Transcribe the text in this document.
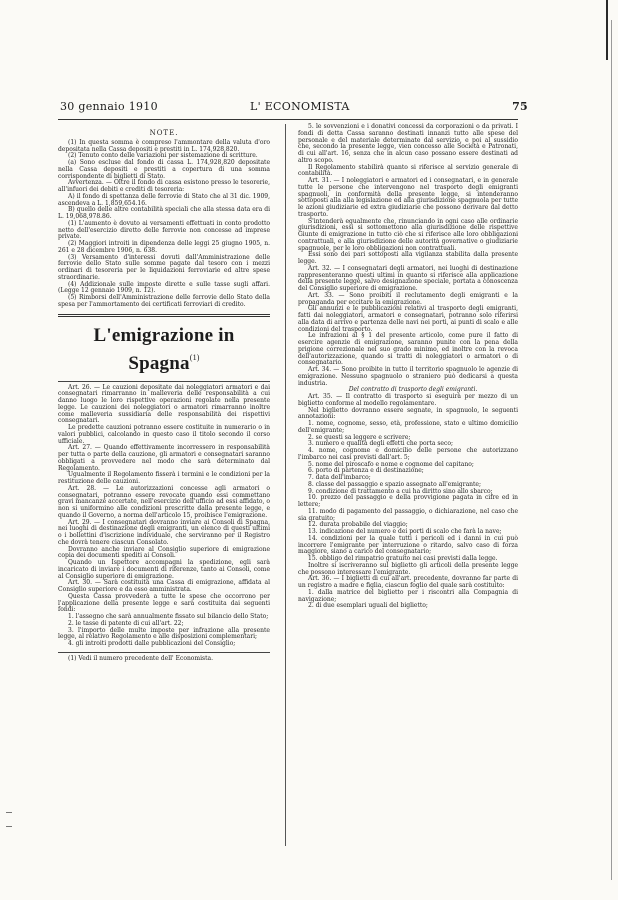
30 gennaio 1910	L' ECONOMISTA	75
NOTE.

(1) In questa somma è compreso l'ammontare della valuta d'oro depositata nella Cassa depositi e prestiti in L. 174,928,820.

(2) Tenuto conto delle variazioni per sistemazione di scritture.

(a) Sono escluse dal fondo di cassa L. 174,928,820 depositate nella Cassa depositi e prestiti a copertura di una somma corrispondente di biglietti di Stato.

Avvertenza. — Oltre il fondo di cassa esistono presso le tesorerie, all'infuori dei debiti e crediti di tesoreria:

A) il fondo di spettanza delle ferrovie di Stato che al 31 dic. 1909, ascendeva a L. 1,859,654.16.

B) quello delle altre contabilità speciali che alla stessa data era di L. 19,068,978.86.

(1) L'aumento è dovuto ai versamenti effettuati in conto prodotto netto dell'esercizio diretto delle ferrovie non concesse ad imprese private.

(2) Maggiori introiti in dipendenza delle leggi 25 giugno 1905, n. 261 e 28 dicembre 1906, n. 638.

(3) Versamento d'interessi dovuti dall'Amministrazione delle ferrovie dello Stato sulle somme pagate dal tesoro con i mezzi ordinari di tesoreria per le liquidazioni ferroviarie ed altre spese straordinarie.

(4) Addizionale sulle imposte dirette e sulle tasse sugli affari. (Legge 12 gennaio 1909, n. 12).

(5) Rimborsi dell'Amministrazione delle ferrovie dello Stato della spesa per l'ammortamento dei certificati ferroviari di credito.

L'emigrazione in Spagna$^{(1)}$

Art. 26. — Le cauzioni depositate dai noleggiatori armatori e dai consegnatari rimarranno in malleveria delle responsabilità a cui danno luogo le loro rispettive operazioni regolate nella presente legge. Le cauzioni dei noleggiatori o armatori rimarranno inoltre come malleveria sussidiaria delle responsabilità dei rispettivi consegnatari.

Le predette cauzioni potranno essere costituite in numerario o in valori pubblici, calcolando in questo caso il titolo secondo il corso ufficiale.

Art. 27. — Quando effettivamente incorressero in responsabilità per tutta o parte della cauzione, gli armatori e consegnatari saranno obbligati a provvedere nel modo che sarà determinato dal Regolamento.

Ugualmente il Regolamento fisserà i termini e le condizioni per la restituzione delle cauzioni.

Art. 28. — Le autorizzazioni concesse agli armatori o consegnatari, potranno essere revocate quando essi commettano gravi mancanze accertate, nell'esercizio dell'ufficio ad essi affidato, o non si uniformino alle condizioni prescritte dalla presente legge, e quando il Governo, a norma dell'articolo 15, proibisce l'emigrazione.

Art. 29. — I consegnatari dovranno inviare ai Consoli di Spagna, nei luoghi di destinazione degli emigranti, un elenco di questi ultimi o i bollettini d'iscrizione individuale, che serviranno per il Registro che dovrà tenere ciascun Consolato.

Dovranno anche inviare al Consiglio superiore di emigrazione copia dei documenti spediti ai Consoli.

Quando un Ispettore accompagni la spedizione, egli sarà incaricato di inviare i documenti di riferenze, tanto ai Consoli, come al Consiglio superiore di emigrazione.

Art. 30. — Sarà costituita una Cassa di emigrazione, affidata al Consiglio superiore e da esso amministrata.

Questa Cassa provvederà a tutte le spese che occorrono per l'applicazione della presente legge e sarà costituita dai seguenti fondi:

1. l'assegno che sarà annualmente fissato sul bilancio dello Stato;

2. le tasse di patente di cui all'art. 22;

3. l'importo delle multe imposte per infrazione alla presente legge, al relativo Regolamento e alle disposizioni complementari;

4. gli introiti prodotti dalle pubblicazioni del Consiglio;

(1) Vedi il numero precedente dell' Economista.

5. le sovvenzioni e i donativi concessi da corporazioni o da privati. I fondi di detta Cassa saranno destinati innanzi tutto alle spese del personale e del materiale determinate dal servizio, e poi al sussidio che, secondo la presente legge, vien concesso alle Società e Patronati, di cui all'art. 16, senza che in alcun caso possano essere destinati ad altro scopo.

Il Regolamento stabilirà quanto si riferisce al servizio generale di contabilità.

Art. 31. — I noleggiatori e armatori ed i consegnatari, e in generale tutte le persone che intervengono nel trasporto degli emigranti spagnuoli, in conformità della presente legge, si intenderanno sottoposti alla alla legislazione ed alla giurisdizione spagnuola per tutte le azioni giudiziarie ed extra giudiziarie che possono derivare dal detto trasporto.

S'intenderà egualmente che, rinunciando in ogni caso alle ordinarie giurisdizioni, essi si sottomettono alla giurisdizione delle rispettive Giunte di emigrazione in tutto ciò che si riferisce alle loro obbligazioni contrattuali, e alla giurisdizione delle autorità governative o giudiziarie spagnuole, per le loro obbligazioni non contrattuali.

Essi sono dei pari sottoposti alla vigilanza stabilita dalla presente legge.

Art. 32. — I consegnatari degli armatori, nei luoghi di destinazione rappresenteranno questi ultimi in quanto si riferisce alla applicazione della presente legge, salvo designazione speciale, portata a conoscenza del Consiglio superiore di emigrazione.

Art. 33. — Sono proibiti il reclutamento degli emigranti e la propaganda per eccitare la emigrazione.

Gli annunzi e le pubblicazioni relativi al trasporto degli emigranti, fatti dai noleggiatori, armatori e consegnatari, potranno solo riferirsi alla data di arrivo e partenza delle navi nei porti, ai punti di scalo e alle condizioni del trasporto.

Le infrazioni al § 1 del presente articolo, come pure il fatto di esercire agenzie di emigrazione, saranno punite con la pena della prigione correzionale nel suo grado minimo, ed inoltre con la revoca dell'autorizzazione, quando si tratti di noleggiatori o armatori o di consegnatario.

Art. 34. — Sono proibite in tutto il territorio spagnuolo le agenzie di emigrazione. Nessuno spagnuolo o straniero può dedicarsi a questa industria.

Del contratto di trasporto degli emigranti.

Art. 35. — Il contratto di trasporto si eseguirà per mezzo di un biglietto conforme al modello regolamentare.

Nel biglietto dovranno essere segnate, in spagnuolo, le seguenti annotazioni:

1. nome, cognome, sesso, età, professione, stato e ultimo domicilio dell'emigrante;

2. se questi sa leggere e scrivere;

3. numero e qualità degli effetti che porta seco;

4. nome, cognome e domicilio delle persone che autorizzano l'imbarco nei casi previsti dall'art. 5;

5. nome del piroscafo e nome e cognome del capitano;

6. porto di partenza e di destinazione;

7. data dell'imbarco;

8. classe del passaggio e spazio assegnato all'emigrante;

9. condizione di trattamento a cui ha diritto sino allo sbarco;

10. prezzo del passaggio e della provvigione pagata in cifre ed in lettere;

11. modo di pagamento del passaggio, o dichiarazione, nel caso che sia gratuito;

12. durata probabile del viaggio;

13. indicazione del numero e dei porti di scalo che farà la nave;

14. condizioni per la quale tutti i pericoli ed i danni in cui può incorrere l'emigrante per interruzione o ritardo, salvo caso di forza maggiore, siano a carico del consegnatario;

15. obbligo del rimpatrio gratuito nei casi previsti dalla legge.

Inoltre si iscriveranno sul biglietto gli articoli della presente legge che possono interessare l'emigrante.

Art. 36. — I biglietti di cui all'art. precedente, dovranno far parte di un registro a madre e figlia, ciascun foglio del quale sarà costituito:

1. dalla matrice del biglietto per i riscontri alla Compagnia di navigazione;

2. di due esemplari uguali del biglietto;
